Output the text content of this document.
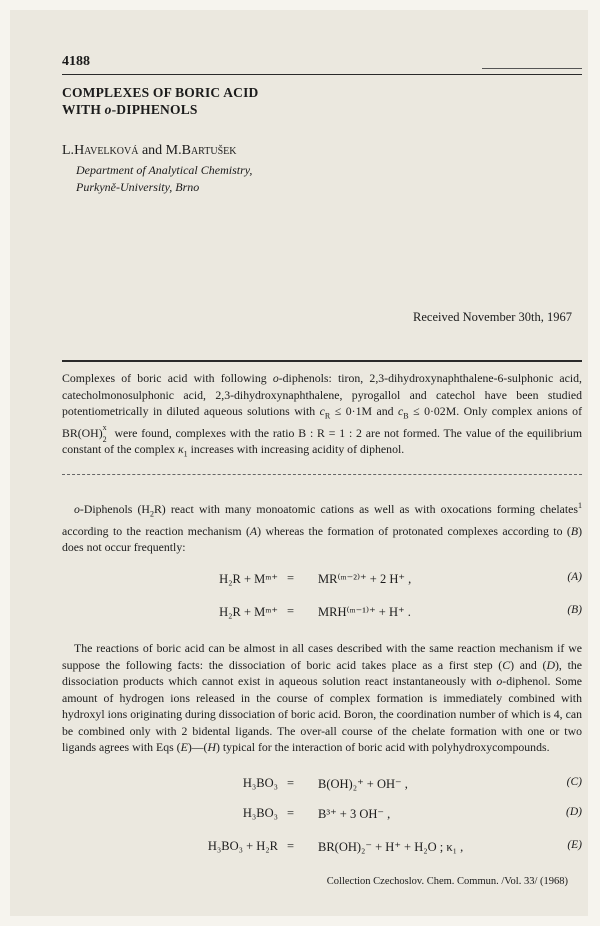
4188
COMPLEXES OF BORIC ACID
WITH o-DIPHENOLS
L.Havelková and M.Bartušek
Department of Analytical Chemistry,
Purkyně-University, Brno
Received November 30th, 1967
Complexes of boric acid with following o-diphenols: tiron, 2,3-dihydroxynaphthalene-6-sulphonic acid, catecholmonosulphonic acid, 2,3-dihydroxynaphthalene, pyrogallol and catechol have been studied potentiometrically in diluted aqueous solutions with $c_R \le 0\cdot 1M$ and $c_B \le 0\cdot 02M$. Only complex anions of BR(OH) x
2 were found, complexes with the ratio B : R = 1 : 2 are not formed. The value of the equilibrium constant of the complex $\kappa_1$ increases with increasing acidity of diphenol.
o-Diphenols $(H_2R)$ react with many monoatomic cations as well as with oxocations forming chelates$^1$ according to the reaction mechanism (A) whereas the formation of protonated complexes according to (B) does not occur frequently:
H₂R + Mᵐ⁺ = MR⁽ᵐ⁻²⁾⁺ + 2 H⁺ ,	(A)
H₂R + Mᵐ⁺ = MRH⁽ᵐ⁻¹⁾⁺ + H⁺ .	(B)
The reactions of boric acid can be almost in all cases described with the same reaction mechanism if we suppose the following facts: the dissociation of boric acid takes place as a first step (C) and (D), the dissociation products which cannot exist in aqueous solution react instantaneously with o-diphenol. Some amount of hydrogen ions released in the course of complex formation is immediately combined with hydroxyl ions originating during dissociation of boric acid. Boron, the coordination number of which is 4, can be combined only with 2 bidental ligands. The over-all course of the chelate formation with one or two ligands agrees with Eqs (E)—(H) typical for the interaction of boric acid with polyhydroxycompounds.
H₃BO₃ = B(OH)₂⁺ + OH⁻ ,	(C)
H₃BO₃ = B³⁺ + 3 OH⁻ ,	(D)
H₃BO₃ + H₂R = BR(OH)₂⁻ + H⁺ + H₂O ; κ₁ ,	(E)
Collection Czechoslov. Chem. Commun. /Vol. 33/ (1968)
